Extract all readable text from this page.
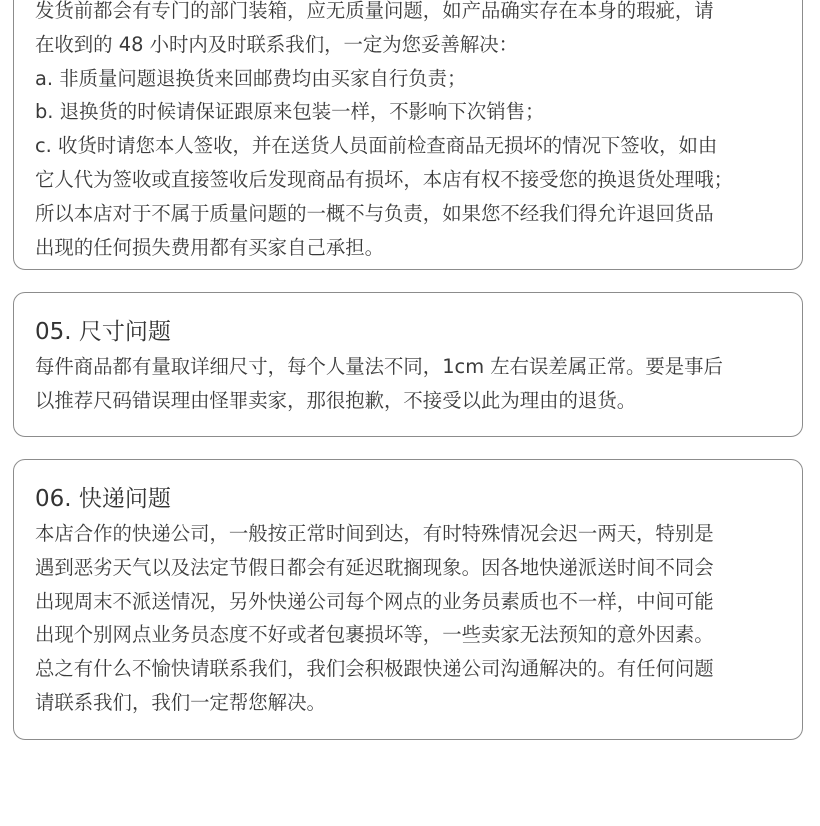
发货前都会有专门的部门装箱，应无质量问题，如产品确实存在本身的瑕疵，请
在收到的 48 小时内及时联系我们，一定为您妥善解决：
a. 非质量问题退换货来回邮费均由买家自行负责；
b. 退换货的时候请保证跟原来包装一样，不影响下次销售；
c. 收货时请您本人签收，并在送货人员面前检查商品无损坏的情况下签收，如由
它人代为签收或直接签收后发现商品有损坏，本店有权不接受您的换退货处理哦；
所以本店对于不属于质量问题的一概不与负责，如果您不经我们得允许退回货品
出现的任何损失费用都有买家自己承担。
05. 尺寸问题
每件商品都有量取详细尺寸，每个人量法不同，1cm 左右误差属正常。要是事后
以推荐尺码错误理由怪罪卖家，那很抱歉，不接受以此为理由的退货。
06. 快递问题
本店合作的快递公司，一般按正常时间到达，有时特殊情况会迟一两天，特别是
遇到恶劣天气以及法定节假日都会有延迟耽搁现象。因各地快递派送时间不同会
出现周末不派送情况，另外快递公司每个网点的业务员素质也不一样，中间可能
出现个别网点业务员态度不好或者包裹损坏等，一些卖家无法预知的意外因素。
总之有什么不愉快请联系我们，我们会积极跟快递公司沟通解决的。有任何问题
请联系我们，我们一定帮您解决。
